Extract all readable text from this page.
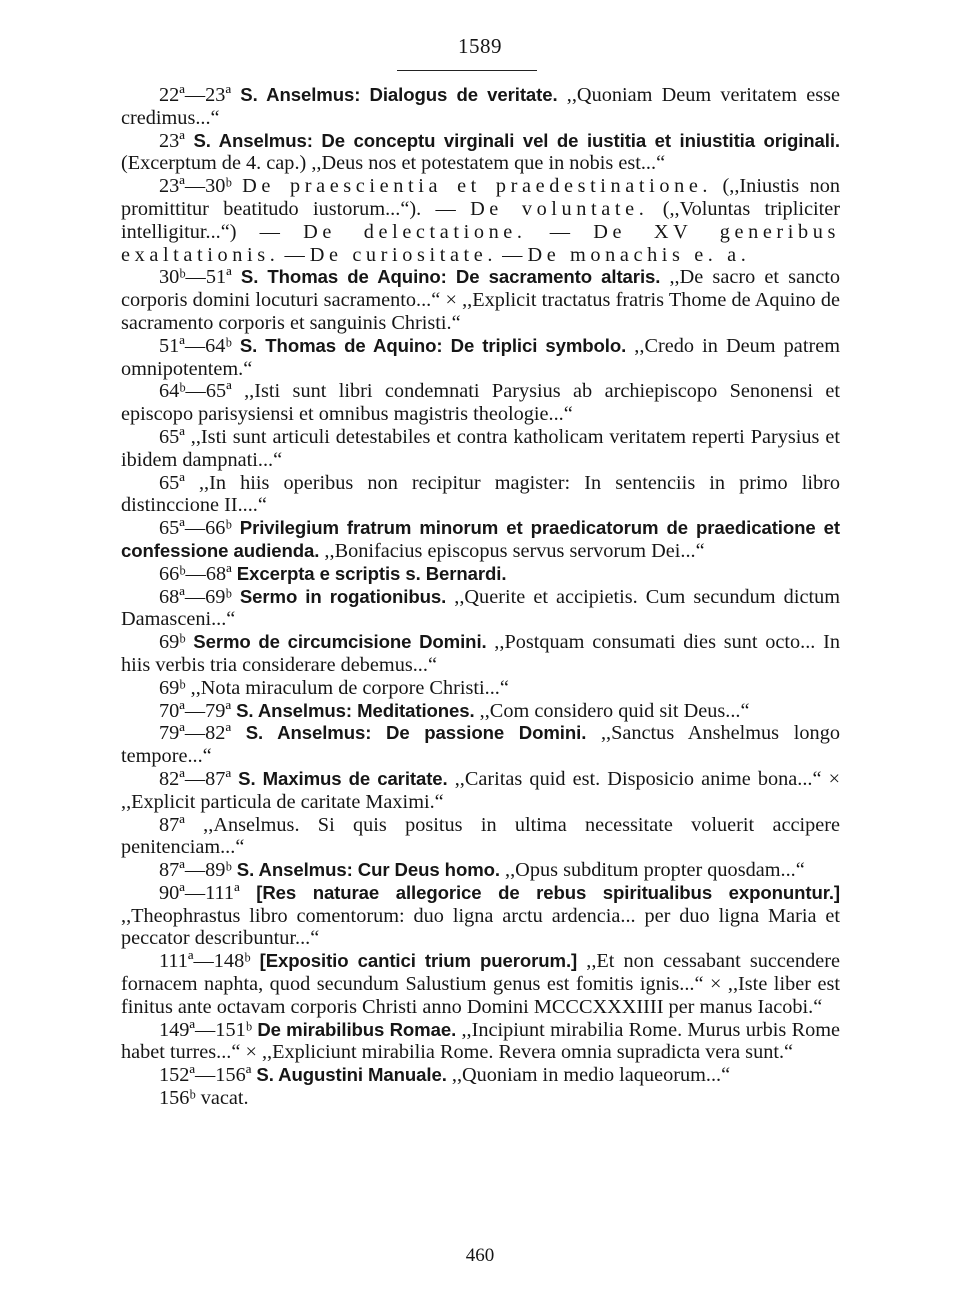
1589

22ª—23ª S. Anselmus: Dialogus de veritate. ,,Quoniam Deum veritatem esse credimus...“

23ª S. Anselmus: De conceptu virginali vel de iustitia et iniustitia originali. (Excerptum de 4. cap.) ,,Deus nos et potestatem que in nobis est...“

23ª—30ᵇ De praescientia et praedestinatione. (,,Iniustis non promittitur beatitudo iustorum...“). — De voluntate. (,,Voluntas tripliciter intelligitur...“) — De delectatione. — De XV generibus exaltationis. — De curiositate. — De monachis e. a.

30ᵇ—51ª S. Thomas de Aquino: De sacramento altaris. ,,De sacro et sancto corporis domini locuturi sacramento...“ × ,,Explicit tractatus fratris Thome de Aquino de sacramento corporis et sanguinis Christi.“

51ª—64ᵇ S. Thomas de Aquino: De triplici symbolo. ,,Credo in Deum patrem omnipotentem.“

64ᵇ—65ª ,,Isti sunt libri condemnati Parysius ab archiepiscopo Senonensi et episcopo parisysiensi et omnibus magistris theologie...“

65ª ,,Isti sunt articuli detestabiles et contra katholicam veritatem reperti Parysius et ibidem dampnati...“

65ª ,,In hiis operibus non recipitur magister: In sentenciis in primo libro distinccione II....“

65ª—66ᵇ Privilegium fratrum minorum et praedicatorum de praedicatione et confessione audienda. ,,Bonifacius episcopus servus servorum Dei...“

66ᵇ—68ª Excerpta e scriptis s. Bernardi.

68ª—69ᵇ Sermo in rogationibus. ,,Querite et accipietis. Cum secundum dictum Damasceni...“

69ᵇ Sermo de circumcisione Domini. ,,Postquam consumati dies sunt octo... In hiis verbis tria considerare debemus...“

69ᵇ ,,Nota miraculum de corpore Christi...“

70ª—79ª S. Anselmus: Meditationes. ,,Com considero quid sit Deus...“

79ª—82ª S. Anselmus: De passione Domini. ,,Sanctus Anshelmus longo tempore...“

82ª—87ª S. Maximus de caritate. ,,Caritas quid est. Disposicio anime bona...“ × ,,Explicit particula de caritate Maximi.“

87ª ,,Anselmus. Si quis positus in ultima necessitate voluerit accipere penitenciam...“

87ª—89ᵇ S. Anselmus: Cur Deus homo. ,,Opus subditum propter quosdam...“

90ª—111ª [Res naturae allegorice de rebus spiritualibus exponuntur.] ,,Theophrastus libro comentorum: duo ligna arctu ardencia... per duo ligna Maria et peccator describuntur...“

111ª—148ᵇ [Expositio cantici trium puerorum.] ,,Et non cessabant succendere fornacem naphta, quod secundum Salustium genus est fomitis ignis...“ × ,,Iste liber est finitus ante octavam corporis Christi anno Domini MCCCXXXIIII per manus Iacobi.“

149ª—151ᵇ De mirabilibus Romae. ,,Incipiunt mirabilia Rome. Murus urbis Rome habet turres...“ × ,,Expliciunt mirabilia Rome. Revera omnia supradicta vera sunt.“

152ª—156ª S. Augustini Manuale. ,,Quoniam in medio laqueorum...“

156ᵇ vacat.

460
